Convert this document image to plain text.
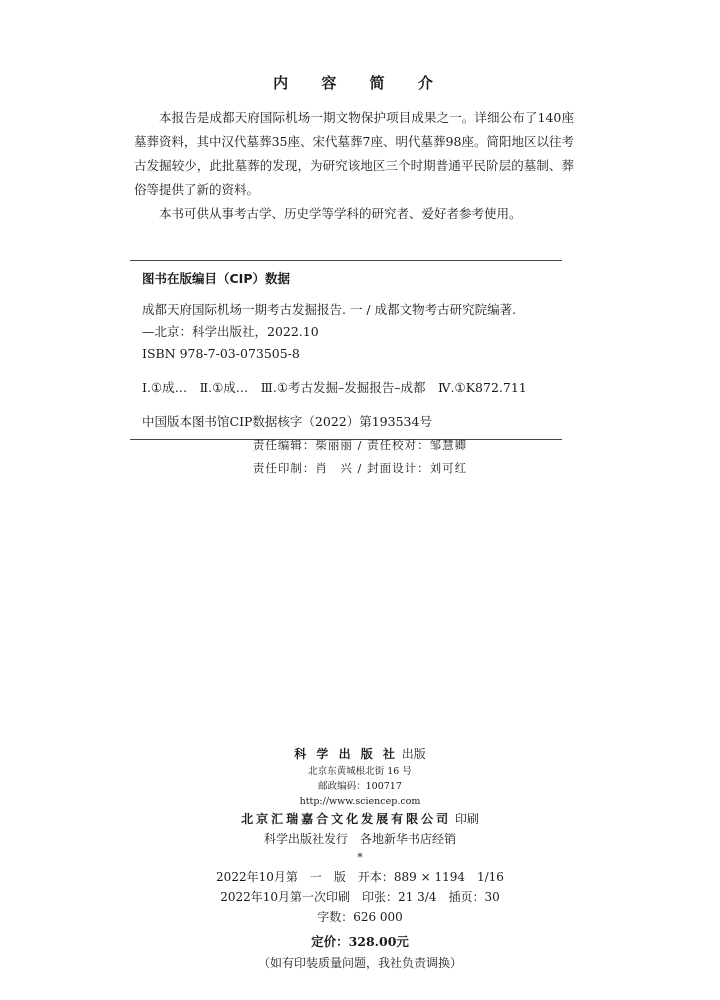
内 容 简 介

本报告是成都天府国际机场一期文物保护项目成果之一。详细公布了140座墓葬资料，其中汉代墓葬35座、宋代墓葬7座、明代墓葬98座。简阳地区以往考古发掘较少，此批墓葬的发现，为研究该地区三个时期普通平民阶层的墓制、葬俗等提供了新的资料。

本书可供从事考古学、历史学等学科的研究者、爱好者参考使用。

图书在版编目（CIP）数据
成都天府国际机场一期考古发掘报告. 一 / 成都文物考古研究院编著.
—北京：科学出版社，2022.10
ISBN 978-7-03-073505-8
Ⅰ.①成…　Ⅱ.①成…　Ⅲ.①考古发掘–发掘报告–成都　Ⅳ.①K872.711
中国版本图书馆CIP数据核字（2022）第193534号
责任编辑：柴丽丽 / 责任校对：邹慧卿
责任印制：肖　兴 / 封面设计：刘可红
科 学 出 版 社 出版
北京东黄城根北街 16 号
邮政编码：100717
http://www.sciencep.com
北京汇瑞嘉合文化发展有限公司 印刷
科学出版社发行　各地新华书店经销
*
2022年10月第　一　版　开本：889 × 1194　1/16
2022年10月第一次印刷　印张：21 3/4　插页：30
字数：626 000
定价：328.00元
（如有印装质量问题，我社负责调换）
